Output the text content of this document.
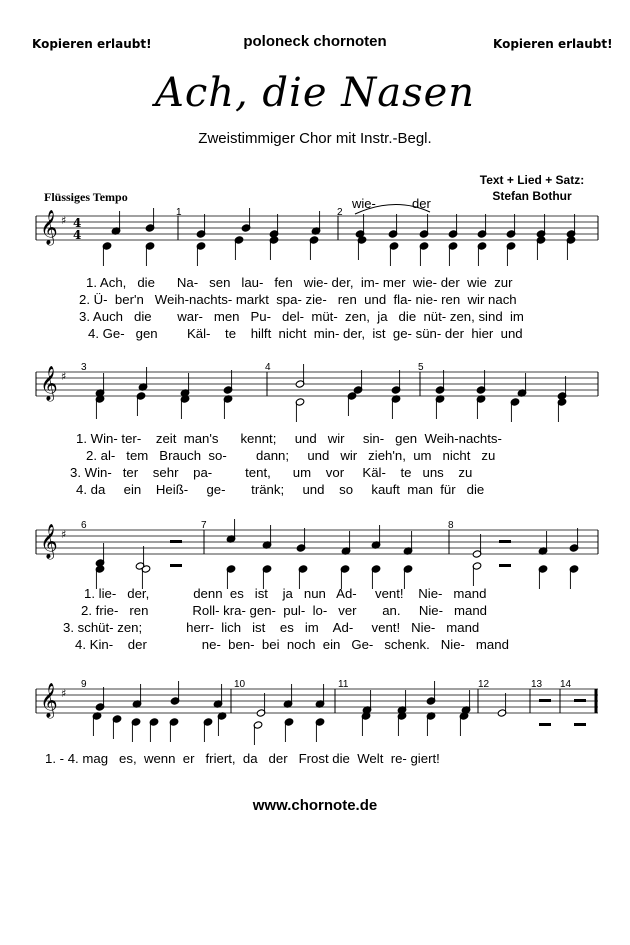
Kopieren erlaubt!	poloneck chornoten	Kopieren erlaubt!
Ach, die Nasen
Zweistimmiger Chor mit Instr.-Begl.
Text + Lied + Satz:
Stefan Bothur
Flüssiges Tempo
𝄞 ♯ 4
4
𝄞 ♯
𝄞 ♯
𝄞 ♯
wie-	der
1	2
3	4	5
6	7	8
9	10	11	12	13 14
1. Ach,   die      Na-   sen   lau-   fen   wie- der,  im- mer  wie- der  wie  zur
2. Ü-  ber'n   Weih-nachts- markt  spa- zie-   ren  und  fla- nie- ren  wir nach
3. Auch   die       war-   men   Pu-   del-  müt-  zen,  ja   die  nüt- zen, sind  im
4. Ge-   gen        Käl-    te    hilft  nicht  min- der,  ist  ge- sün- der  hier  und
1. Win- ter-    zeit  man's      kennt;     und   wir     sin-   gen  Weih-nachts-
2. al-   tem   Brauch  so-        dann;     und   wir   zieh'n,  um   nicht   zu
3. Win-   ter    sehr    pa-         tent,      um    vor     Käl-    te   uns    zu
4. da     ein    Heiß-     ge-       tränk;     und    so     kauft  man  für   die
1. lie-   der,            denn  es   ist    ja   nun   Ad-     vent!    Nie-   mand
2. frie-   ren            Roll- kra- gen-  pul-  lo-   ver       an.     Nie-   mand
3. schüt- zen;            herr-  lich   ist    es   im    Ad-     vent!   Nie-   mand
4. Kin-    der               ne-  ben-  bei  noch  ein   Ge-   schenk.   Nie-   mand
1. - 4. mag   es,  wenn  er   friert,  da   der   Frost die  Welt  re- giert!
www.chornote.de
